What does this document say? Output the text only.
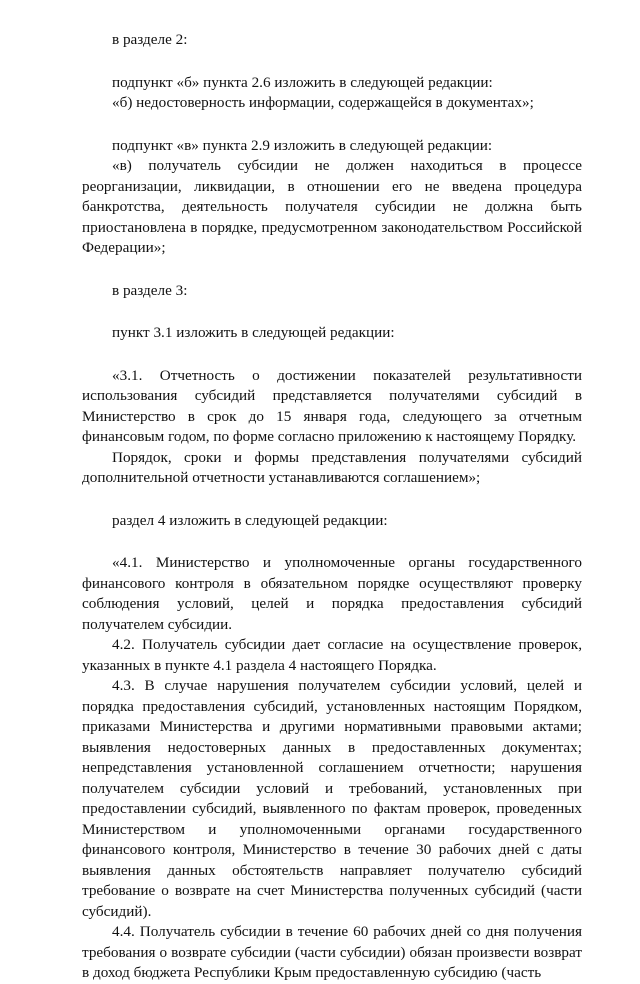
в разделе 2:

подпункт «б» пункта 2.6 изложить в следующей редакции:

«б) недостоверность информации, содержащейся в документах»;

подпункт «в» пункта 2.9 изложить в следующей редакции:

«в) получатель субсидии не должен находиться в процессе реорганизации, ликвидации, в отношении его не введена процедура банкротства, деятельность получателя субсидии не должна быть приостановлена в порядке, предусмотренном законодательством Российской Федерации»;

в разделе 3:

пункт 3.1 изложить в следующей редакции:

«3.1. Отчетность о достижении показателей результативности использования субсидий представляется получателями субсидий в Министерство в срок до 15 января года, следующего за отчетным финансовым годом, по форме согласно приложению к настоящему Порядку.

Порядок, сроки и формы представления получателями субсидий дополнительной отчетности устанавливаются соглашением»;

раздел 4 изложить в следующей редакции:

«4.1. Министерство и уполномоченные органы государственного финансового контроля в обязательном порядке осуществляют проверку соблюдения условий, целей и порядка предоставления субсидий получателем субсидии.

4.2. Получатель субсидии дает согласие на осуществление проверок, указанных в пункте 4.1 раздела 4 настоящего Порядка.

4.3. В случае нарушения получателем субсидии условий, целей и порядка предоставления субсидий, установленных настоящим Порядком, приказами Министерства и другими нормативными правовыми актами; выявления недостоверных данных в предоставленных документах; непредставления установленной соглашением отчетности; нарушения получателем субсидии условий и требований, установленных при предоставлении субсидий, выявленного по фактам проверок, проведенных Министерством и уполномоченными органами государственного финансового контроля, Министерство в течение 30 рабочих дней с даты выявления данных обстоятельств направляет получателю субсидий требование о возврате на счет Министерства полученных субсидий (части субсидий).

4.4. Получатель субсидии в течение 60 рабочих дней со дня получения требования о возврате субсидии (части субсидии) обязан произвести возврат в доход бюджета Республики Крым предоставленную субсидию (часть
